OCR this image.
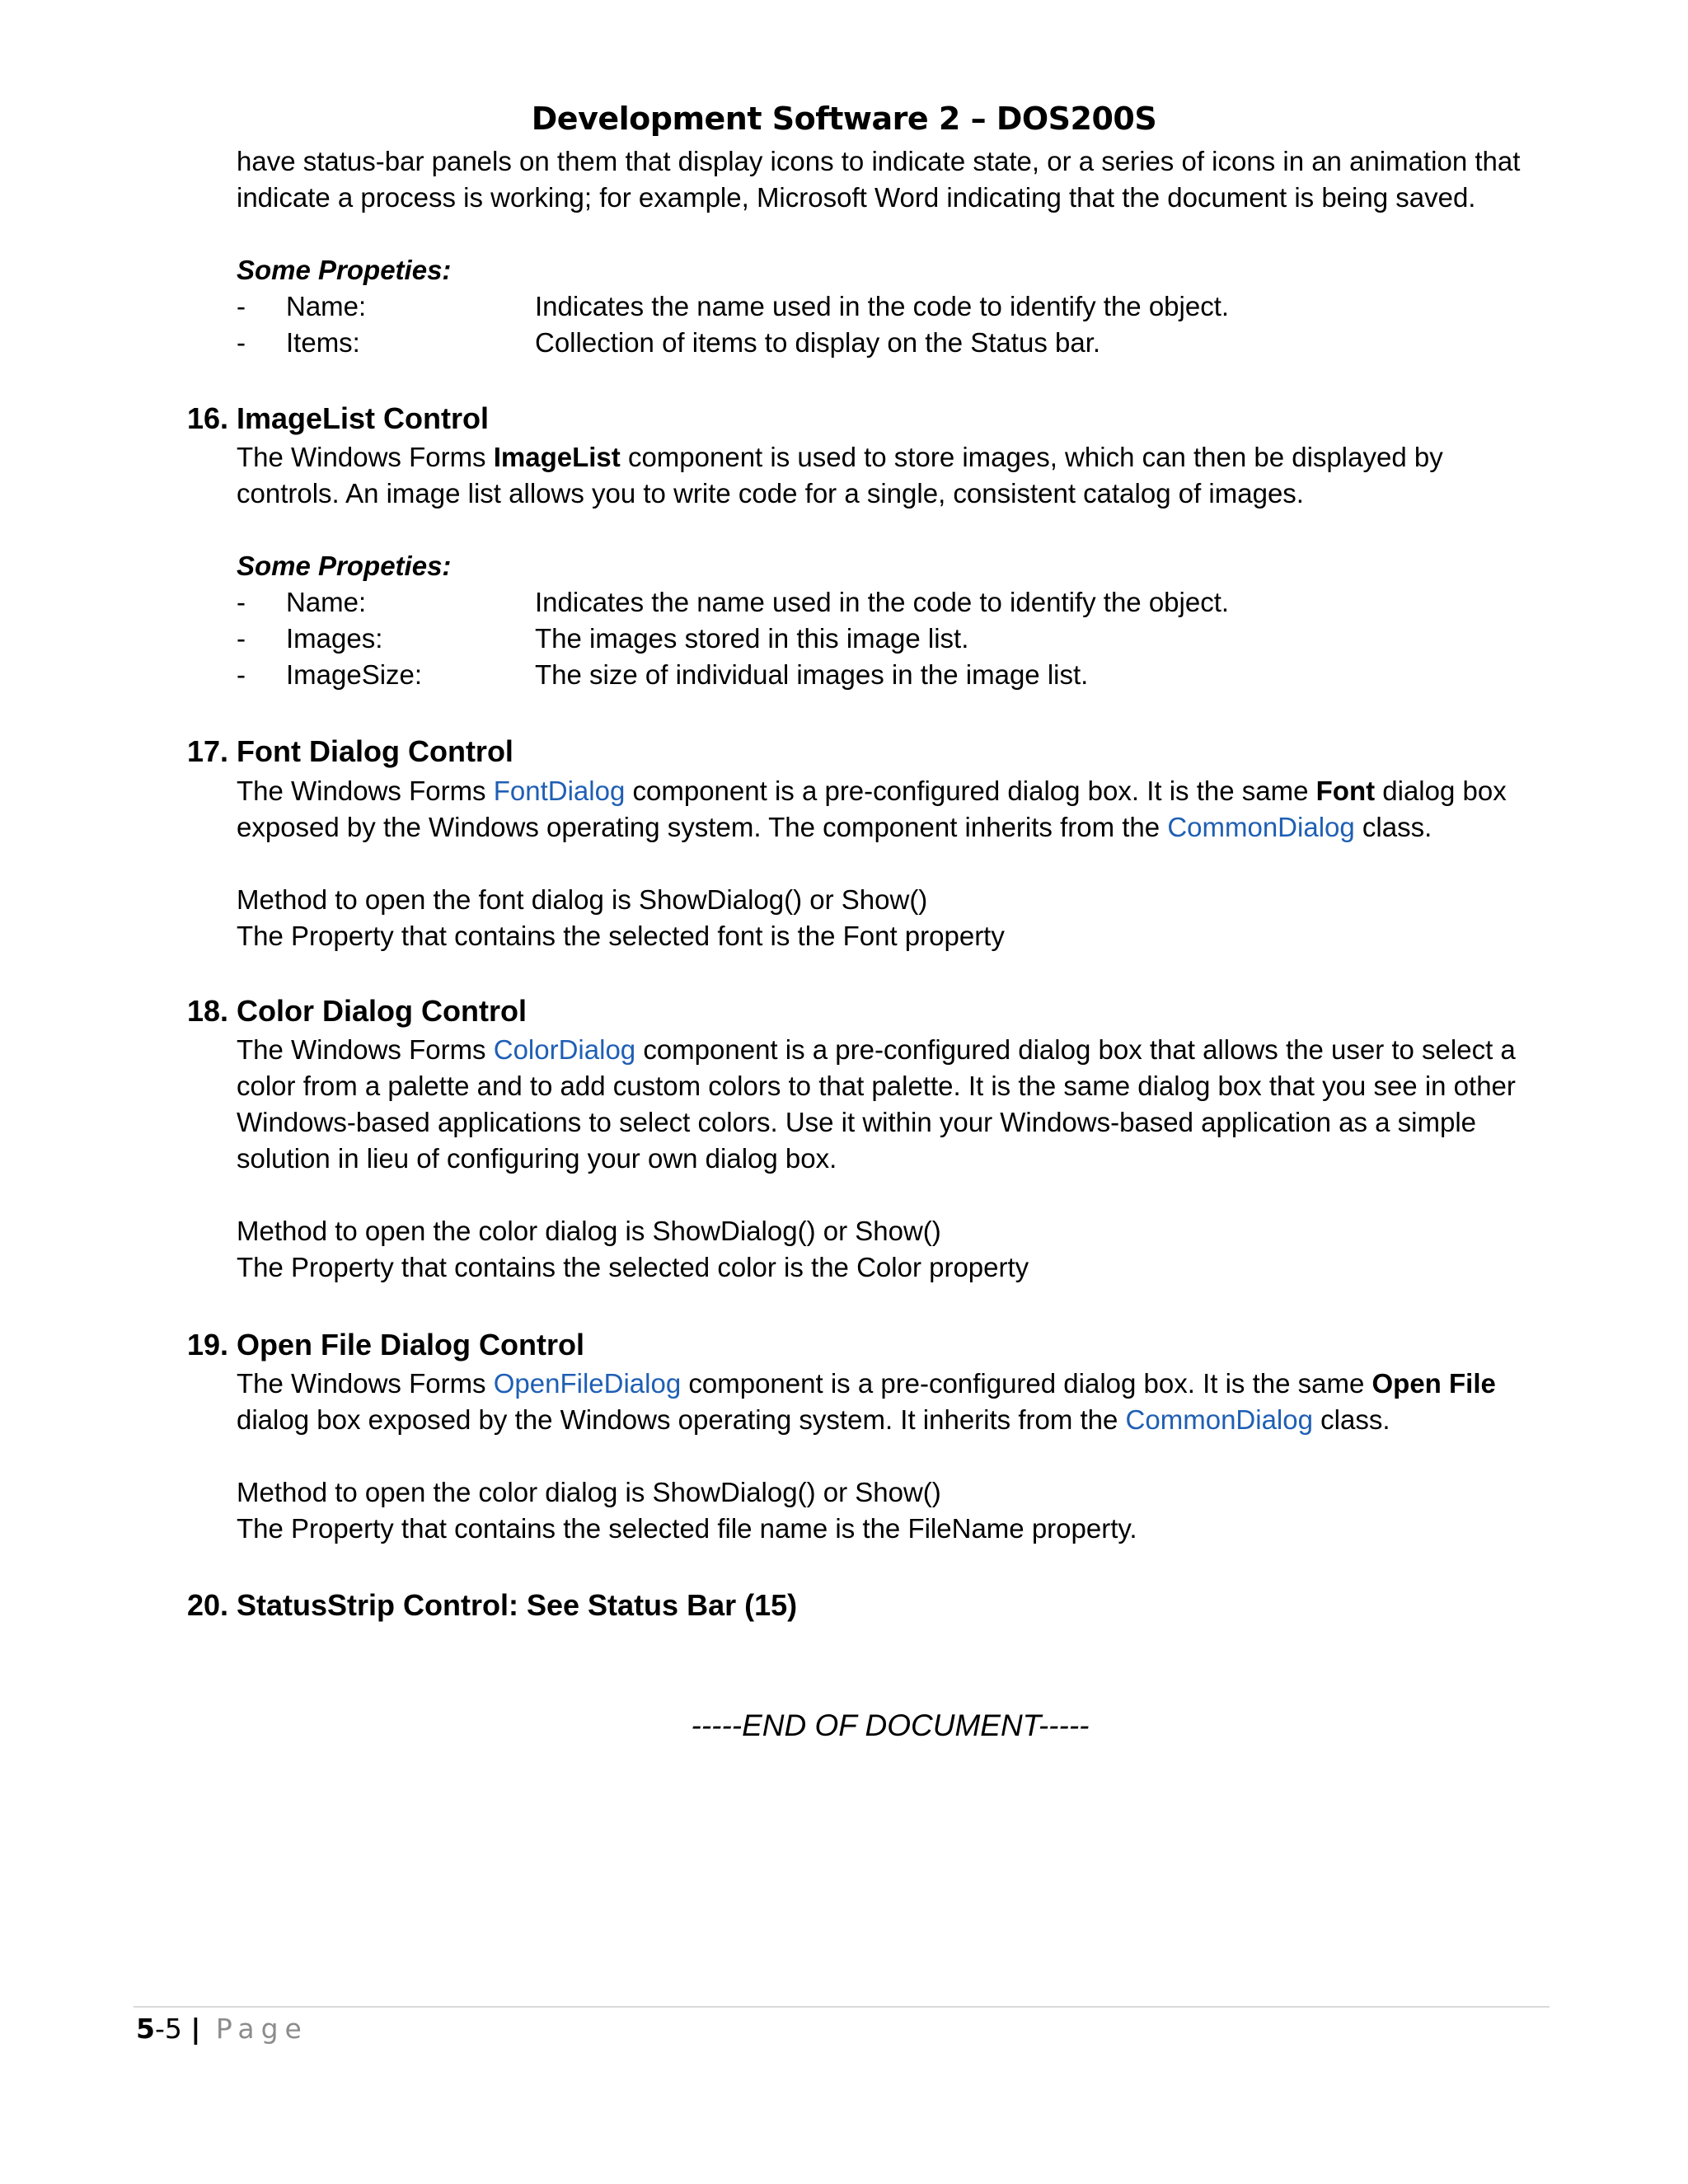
Development Software 2 – DOS200S

have status-bar panels on them that display icons to indicate state, or a series of icons in an animation that

indicate a process is working; for example, Microsoft Word indicating that the document is being saved.

Some Propeties:
- Name:	Indicates the name used in the code to identify the object.
- Items:	Collection of items to display on the Status bar.
16. ImageList Control

The Windows Forms ImageList component is used to store images, which can then be displayed by

controls. An image list allows you to write code for a single, consistent catalog of images.

Some Propeties:
- Name:	Indicates the name used in the code to identify the object.
- Images:	The images stored in this image list.
- ImageSize:	The size of individual images in the image list.
17. Font Dialog Control

The Windows Forms FontDialog component is a pre-configured dialog box. It is the same Font dialog box

exposed by the Windows operating system. The component inherits from the CommonDialog class.

Method to open the font dialog is ShowDialog() or Show()

The Property that contains the selected font is the Font property

18. Color Dialog Control

The Windows Forms ColorDialog component is a pre-configured dialog box that allows the user to select a

color from a palette and to add custom colors to that palette. It is the same dialog box that you see in other

Windows-based applications to select colors. Use it within your Windows-based application as a simple

solution in lieu of configuring your own dialog box.

Method to open the color dialog is ShowDialog() or Show()

The Property that contains the selected color is the Color property

19. Open File Dialog Control

The Windows Forms OpenFileDialog component is a pre-configured dialog box. It is the same Open File

dialog box exposed by the Windows operating system. It inherits from the CommonDialog class.

Method to open the color dialog is ShowDialog() or Show()

The Property that contains the selected file name is the FileName property.

20. StatusStrip Control: See Status Bar (15)
-----END OF DOCUMENT-----
5-5 | Page
